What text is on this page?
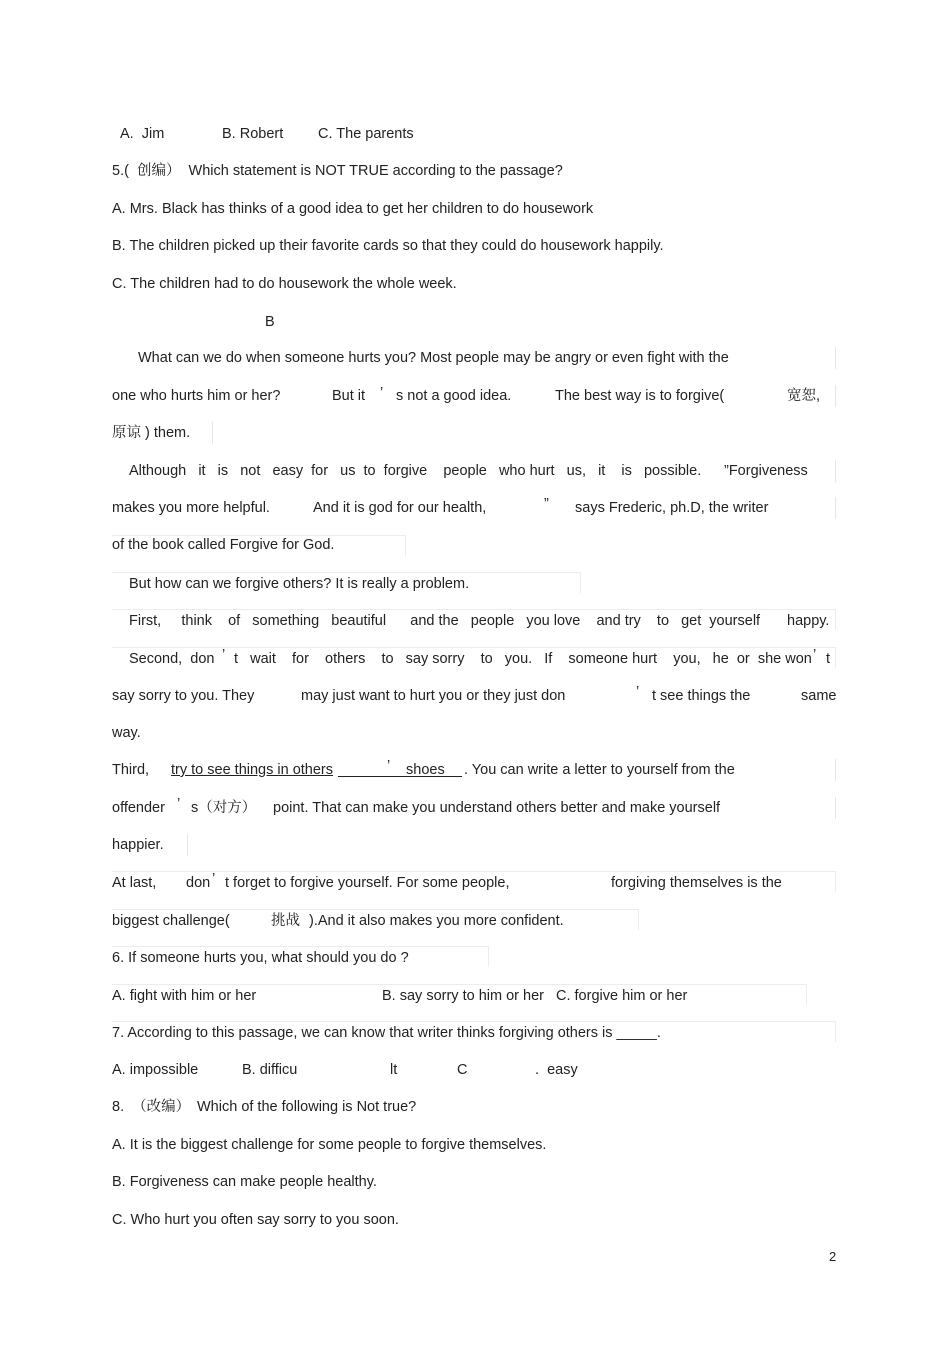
A.  Jim	B. Robert C. The parents
5.(  创编）  Which statement is NOT TRUE according to the passage?
A. Mrs. Black has thinks of a good idea to get her children to do housework
B. The children picked up their favorite cards so that they could do housework happily.
C. The children had to do housework the whole week.
B
What can we do when someone hurts you? Most people may be angry or even fight with the
one who hurts him or her?	But it ’ s not a good idea.	The best way is to forgive(	宽恕,
原谅 ) them.
Although   it   is   not   easy  for   us  to  forgive    people   who hurt   us,   it    is   possible. ”Forgiveness
makes you more helpful.	And it is god for our health,	” says Frederic, ph.D, the writer
of the book called Forgive for God.
But how can we forgive others? It is really a problem.
First,     think    of   something   beautiful      and the   people   you love    and try    to   get  yourself happy.
Second,  don ’ t   wait    for    others    to   say sorry    to   you.   If    someone hurt    you,   he  or  she won ’ t
say sorry to you. They	may just want to hurt you or they just don	’ t see things the	same
way.
Third, try to see things in others	’ shoes . You can write a letter to yourself from the
offender ’ s（对方） point. That can make you understand others better and make yourself
happier.
At last, don ’ t forget to forgive yourself. For some people,	forgiving themselves is the
biggest challenge(	挑战 ).And it also makes you more confident.
6. If someone hurts you, what should you do ?
A. fight with him or her	B. say sorry to him or her C. forgive him or her
7. According to this passage, we can know that writer thinks forgiving others is _____.
A. impossible	B. difficu	lt	C	.  easy
8.  （改编） Which of the following is Not true?
A. It is the biggest challenge for some people to forgive themselves.
B. Forgiveness can make people healthy.
C. Who hurt you often say sorry to you soon.
2
